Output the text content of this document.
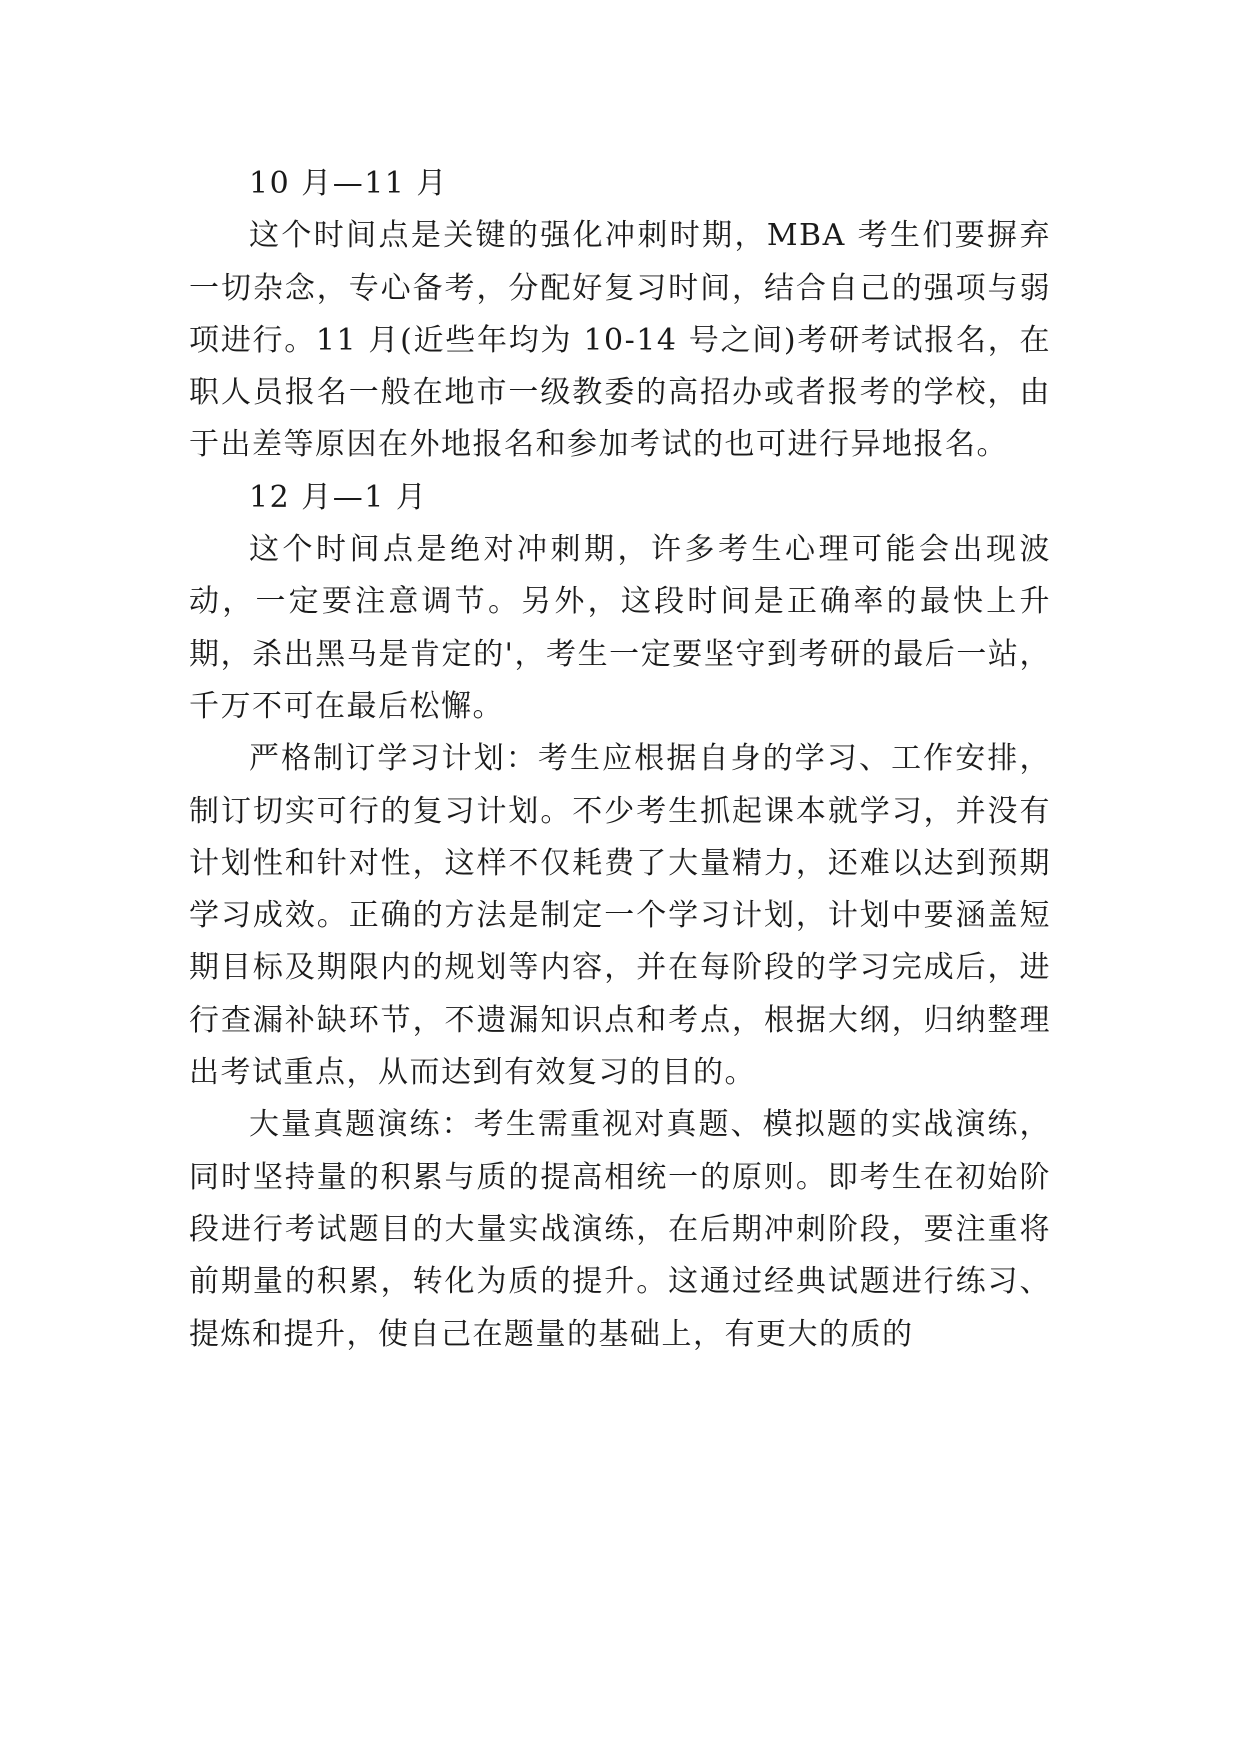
10 月—11 月

这个时间点是关键的强化冲刺时期，MBA 考生们要摒弃一切杂念，专心备考，分配好复习时间，结合自己的强项与弱项进行。11 月(近些年均为 10-14 号之间)考研考试报名，在职人员报名一般在地市一级教委的高招办或者报考的学校，由于出差等原因在外地报名和参加考试的也可进行异地报名。

12 月—1 月

这个时间点是绝对冲刺期，许多考生心理可能会出现波动，一定要注意调节。另外，这段时间是正确率的最快上升期，杀出黑马是肯定的'，考生一定要坚守到考研的最后一站，千万不可在最后松懈。

严格制订学习计划：考生应根据自身的学习、工作安排，制订切实可行的复习计划。不少考生抓起课本就学习，并没有计划性和针对性，这样不仅耗费了大量精力，还难以达到预期学习成效。正确的方法是制定一个学习计划，计划中要涵盖短期目标及期限内的规划等内容，并在每阶段的学习完成后，进行查漏补缺环节，不遗漏知识点和考点，根据大纲，归纳整理出考试重点，从而达到有效复习的目的。

大量真题演练：考生需重视对真题、模拟题的实战演练，同时坚持量的积累与质的提高相统一的原则。即考生在初始阶段进行考试题目的大量实战演练，在后期冲刺阶段，要注重将前期量的积累，转化为质的提升。这通过经典试题进行练习、提炼和提升，使自己在题量的基础上，有更大的质的
